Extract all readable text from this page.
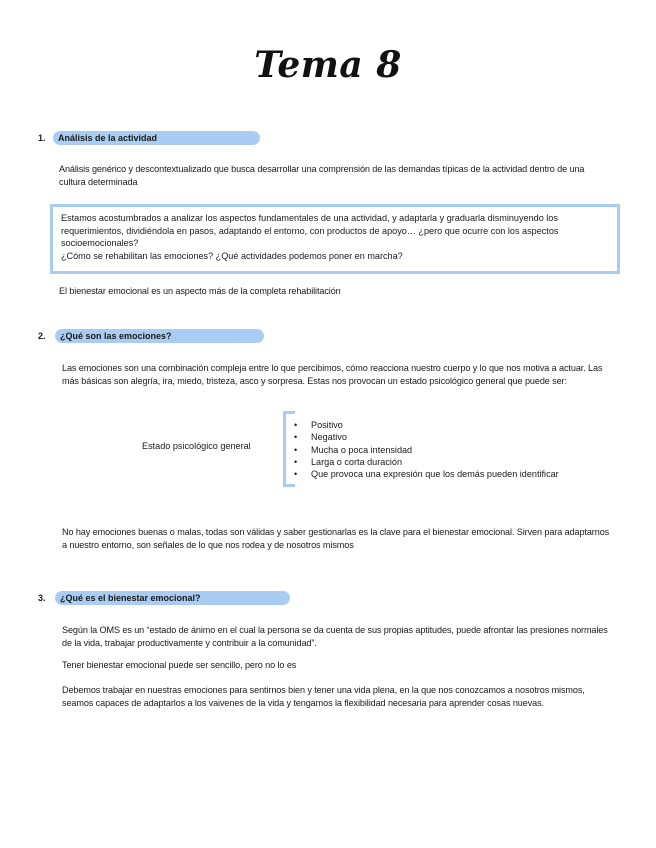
Tema 8
1.	Análisis de la actividad

Análisis genérico y descontextualizado que busca desarrollar una comprensión de las demandas típicas de la actividad dentro de una cultura determinada

Estamos acostumbrados a analizar los aspectos fundamentales de una actividad, y adaptarla y graduarla disminuyendo los requerimientos, dividiéndola en pasos, adaptando el entorno, con productos de apoyo… ¿pero que ocurre con los aspectos socioemocionales?

¿Cómo se rehabilitan las emociones? ¿Qué actividades podemos poner en marcha?

El bienestar emocional es un aspecto más de la completa rehabilitación

2.	¿Qué son las emociones?

Las emociones son una combinación compleja entre lo que percibimos, cómo reacciona nuestro cuerpo y lo que nos motiva a actuar. Las más básicas son alegría, ira, miedo, tristeza, asco y sorpresa. Estas nos provocan un estado psicológico general que puede ser:

Estado psicológico general
• Positivo
• Negativo
• Mucha o poca intensidad
• Larga o corta duración
• Que provoca una expresión que los demás pueden identificar

No hay emociones buenas o malas, todas son válidas y saber gestionarlas es la clave para el bienestar emocional. Sirven para adaptarnos a nuestro entorno, son señales de lo que nos rodea y de nosotros mismos

3.	¿Qué es el bienestar emocional?

Según la OMS es un “estado de ánimo en el cual la persona se da cuenta de sus propias aptitudes, puede afrontar las presiones normales de la vida, trabajar productivamente y contribuir a la comunidad”.

Tener bienestar emocional puede ser sencillo, pero no lo es

Debemos trabajar en nuestras emociones para sentirnos bien y tener una vida plena, en la que nos conozcamos a nosotros mismos, seamos capaces de adaptarlos a los vaivenes de la vida y tengamos la flexibilidad necesaria para aprender cosas nuevas.
